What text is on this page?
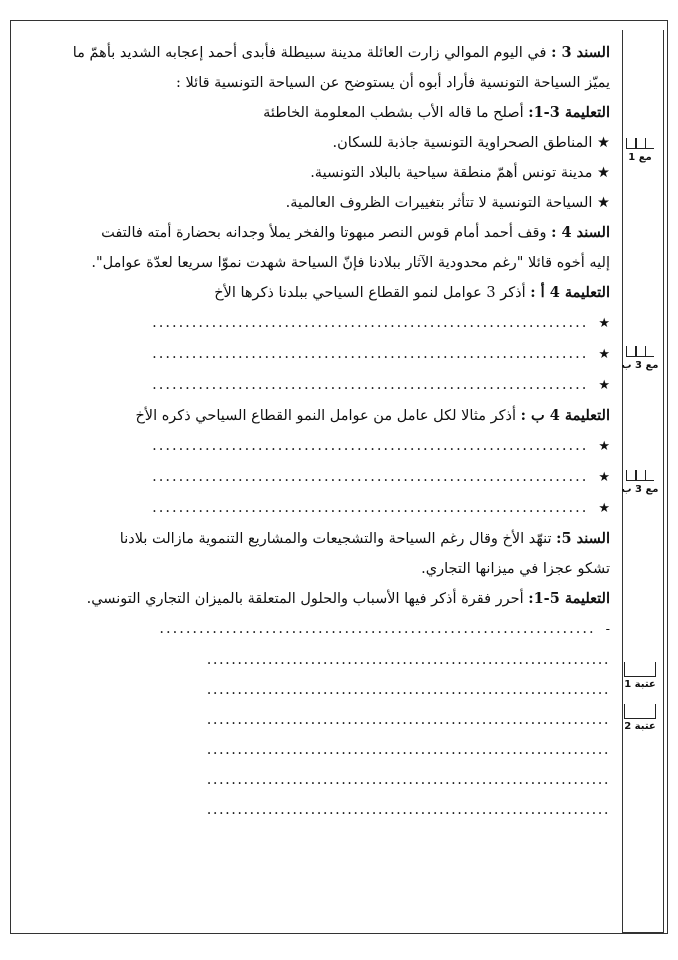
السند 3 : في اليوم الموالي زارت العائلة مدينة سبيطلة فأبدى أحمد إعجابه الشديد بأهمّ ما

يميّز السياحة التونسية فأراد أبوه أن يستوضح عن السياحة التونسية قائلا :

التعليمة 3-1: أصلح ما قاله الأب بشطب المعلومة الخاطئة

★ المناطق الصحراوية التونسية جاذبة للسكان.

★ مدينة تونس أهمّ منطقة سياحية بالبلاد التونسية.

★ السياحة التونسية لا تتأثر بتغييرات الظروف العالمية.

السند 4 : وقف أحمد أمام قوس النصر مبهوتا والفخر يملأ وجدانه بحضارة أمته فالتفت

إليه أخوه قائلا "رغم محدودية الآثار ببلادنا فإنّ السياحة شهدت نموّا سريعا لعدّة عوامل".

التعليمة 4 أ : أذكر 3 عوامل لنمو القطاع السياحي ببلدنا ذكرها الأخ

★
..................................................................

★
..................................................................

★
..................................................................

التعليمة 4 ب : أذكر مثالا لكل عامل من عوامل النمو القطاع السياحي ذكره الأخ

★
..................................................................

★
..................................................................

★
..................................................................

السند 5: تنهّد الأخ وقال رغم السياحة والتشجيعات والمشاريع التنموية مازالت بلادنا

تشكو عجزا في ميزانها التجاري.

التعليمة 5-1: أحرر فقرة أذكر فيها الأسباب والحلول المتعلقة بالميزان التجاري التونسي.

-
..................................................................

..................................................................
..................................................................
..................................................................
..................................................................
..................................................................
..................................................................
مع 1
مع 3 ب
مع 3 ب
عتبة 1
عتبة 2
